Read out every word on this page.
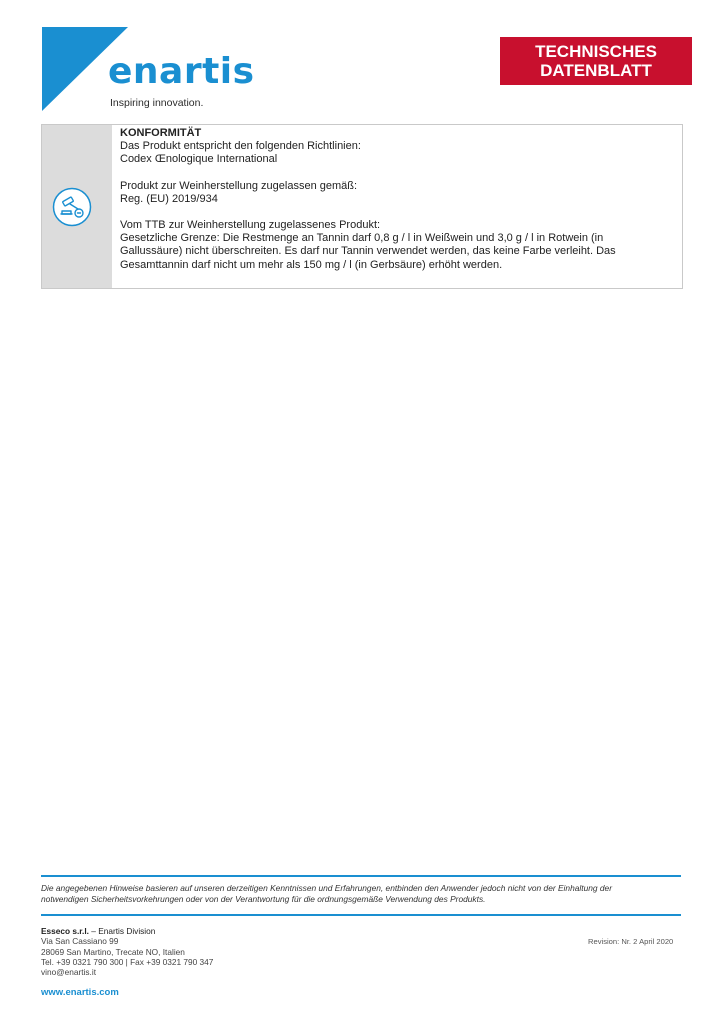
enartis
Inspiring innovation.
TECHNISCHES
DATENBLATT
KONFORMITÄT
Das Produkt entspricht den folgenden Richtlinien:
Codex Œnologique International
Produkt zur Weinherstellung zugelassen gemäß:
Reg. (EU) 2019/934
Vom TTB zur Weinherstellung zugelassenes Produkt:
Gesetzliche Grenze: Die Restmenge an Tannin darf 0,8 g / l in Weißwein und 3,0 g / l in Rotwein (in
Gallussäure) nicht überschreiten. Es darf nur Tannin verwendet werden, das keine Farbe verleiht. Das
Gesamttannin darf nicht um mehr als 150 mg / l (in Gerbsäure) erhöht werden.
Die angegebenen Hinweise basieren auf unseren derzeitigen Kenntnissen und Erfahrungen, entbinden den Anwender jedoch nicht von der Einhaltung der
notwendigen Sicherheitsvorkehrungen oder von der Verantwortung für die ordnungsgemäße Verwendung des Produkts.
Esseco s.r.l. – Enartis Division
Via San Cassiano 99
28069 San Martino, Trecate NO, Italien
Tel. +39 0321 790 300 | Fax +39 0321 790 347
vino@enartis.it
Revision: Nr. 2 April 2020
www.enartis.com
